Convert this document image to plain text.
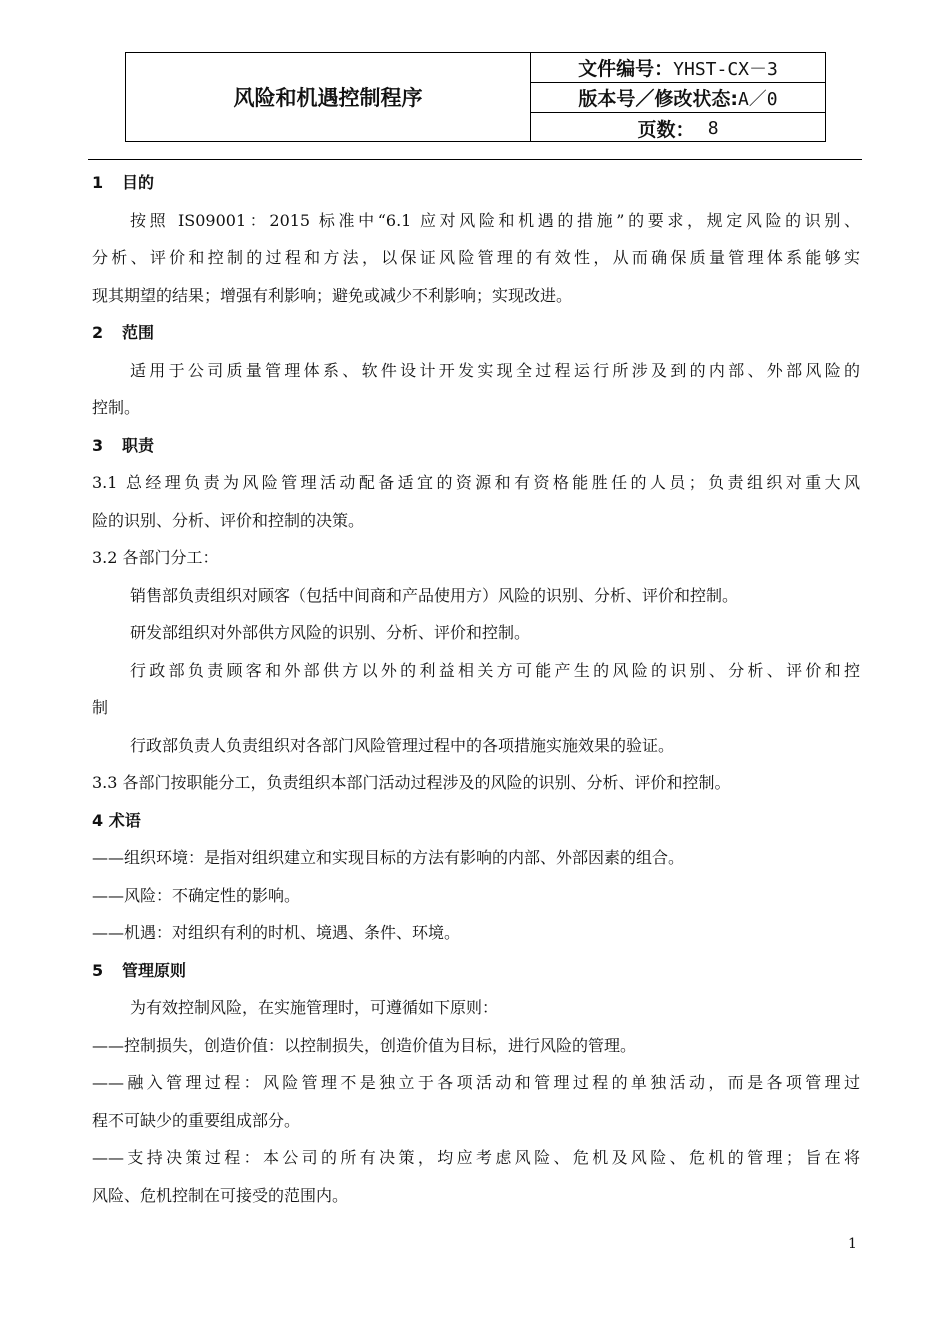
风险和机遇控制程序
文件编号： YHST-CX－3
版本号／修改状态: A／0
页数：
8
1 目的
按照 IS09001：2015 标准中“6.1 应对风险和机遇的措施”的要求，规定风险的识别、
分析、评价和控制的过程和方法，以保证风险管理的有效性，从而确保质量管理体系能够实
现其期望的结果；增强有利影响；避免或减少不利影响；实现改进。
2 范围
适用于公司质量管理体系、软件设计开发实现全过程运行所涉及到的内部、外部风险的
控制。
3 职责
3.1 总经理负责为风险管理活动配备适宜的资源和有资格能胜任的人员；负责组织对重大风
险的识别、分析、评价和控制的决策。
3.2 各部门分工：
销售部负责组织对顾客（包括中间商和产品使用方）风险的识别、分析、评价和控制。
研发部组织对外部供方风险的识别、分析、评价和控制。
行政部负责顾客和外部供方以外的利益相关方可能产生的风险的识别、分析、评价和控
制
行政部负责人负责组织对各部门风险管理过程中的各项措施实施效果的验证。
3.3 各部门按职能分工，负责组织本部门活动过程涉及的风险的识别、分析、评价和控制。
4 术语
——组织环境：是指对组织建立和实现目标的方法有影响的内部、外部因素的组合。
——风险：不确定性的影响。
——机遇：对组织有利的时机、境遇、条件、环境。
5 管理原则
为有效控制风险，在实施管理时，可遵循如下原则：
——控制损失，创造价值：以控制损失，创造价值为目标，进行风险的管理。
——融入管理过程：风险管理不是独立于各项活动和管理过程的单独活动，而是各项管理过
程不可缺少的重要组成部分。
——支持决策过程：本公司的所有决策，均应考虑风险、危机及风险、危机的管理；旨在将
风险、危机控制在可接受的范围内。
1
